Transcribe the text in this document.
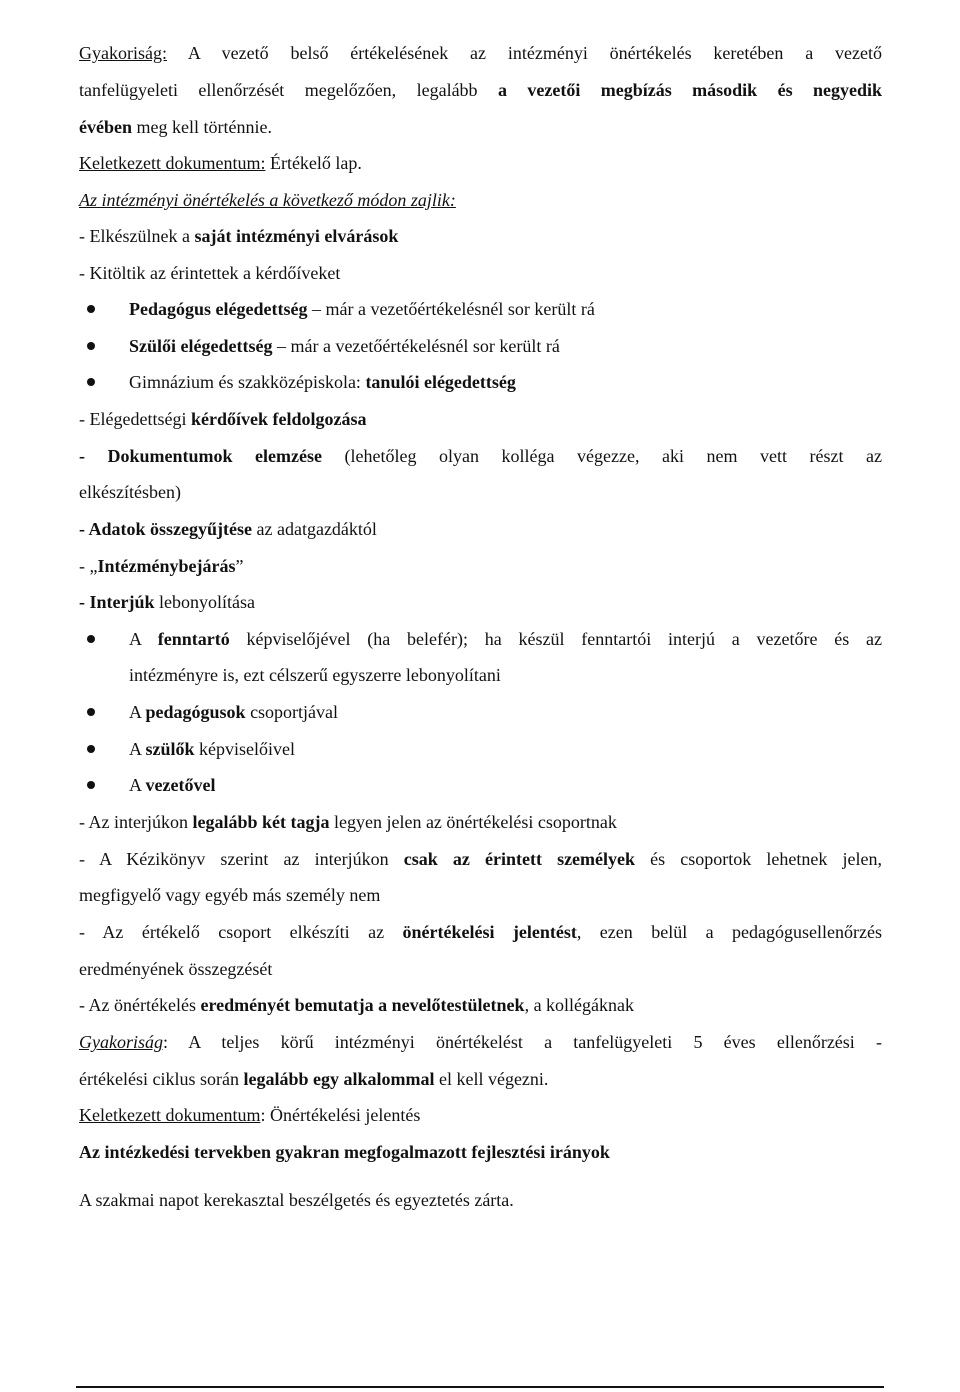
Gyakoriság: A vezető belső értékelésének az intézményi önértékelés keretében a vezető
tanfelügyeleti ellenőrzését megelőzően, legalább a vezetői megbízás második és negyedik
évében meg kell történnie.
Keletkezett dokumentum: Értékelő lap.
Az intézményi önértékelés a következő módon zajlik:
- Elkészülnek a saját intézményi elvárások
- Kitöltik az érintettek a kérdőíveket
Pedagógus elégedettség – már a vezetőértékelésnél sor került rá
Szülői elégedettség – már a vezetőértékelésnél sor került rá
Gimnázium és szakközépiskola: tanulói elégedettség
- Elégedettségi kérdőívek feldolgozása
- Dokumentumok elemzése (lehetőleg olyan kolléga végezze, aki nem vett részt az
elkészítésben)
- Adatok összegyűjtése az adatgazdáktól
- „Intézménybejárás”
- Interjúk lebonyolítása
A fenntartó képviselőjével (ha belefér); ha készül fenntartói interjú a vezetőre és az
intézményre is, ezt célszerű egyszerre lebonyolítani
A pedagógusok csoportjával
A szülők képviselőivel
A vezetővel
- Az interjúkon legalább két tagja legyen jelen az önértékelési csoportnak
- A Kézikönyv szerint az interjúkon csak az érintett személyek és csoportok lehetnek jelen,
megfigyelő vagy egyéb más személy nem
- Az értékelő csoport elkészíti az önértékelési jelentést, ezen belül a pedagógusellenőrzés
eredményének összegzését
- Az önértékelés eredményét bemutatja a nevelőtestületnek, a kollégáknak
Gyakoriság: A teljes körű intézményi önértékelést a tanfelügyeleti 5 éves ellenőrzési -
értékelési ciklus során legalább egy alkalommal el kell végezni.
Keletkezett dokumentum: Önértékelési jelentés
Az intézkedési tervekben gyakran megfogalmazott fejlesztési irányok
A szakmai napot kerekasztal beszélgetés és egyeztetés zárta.
